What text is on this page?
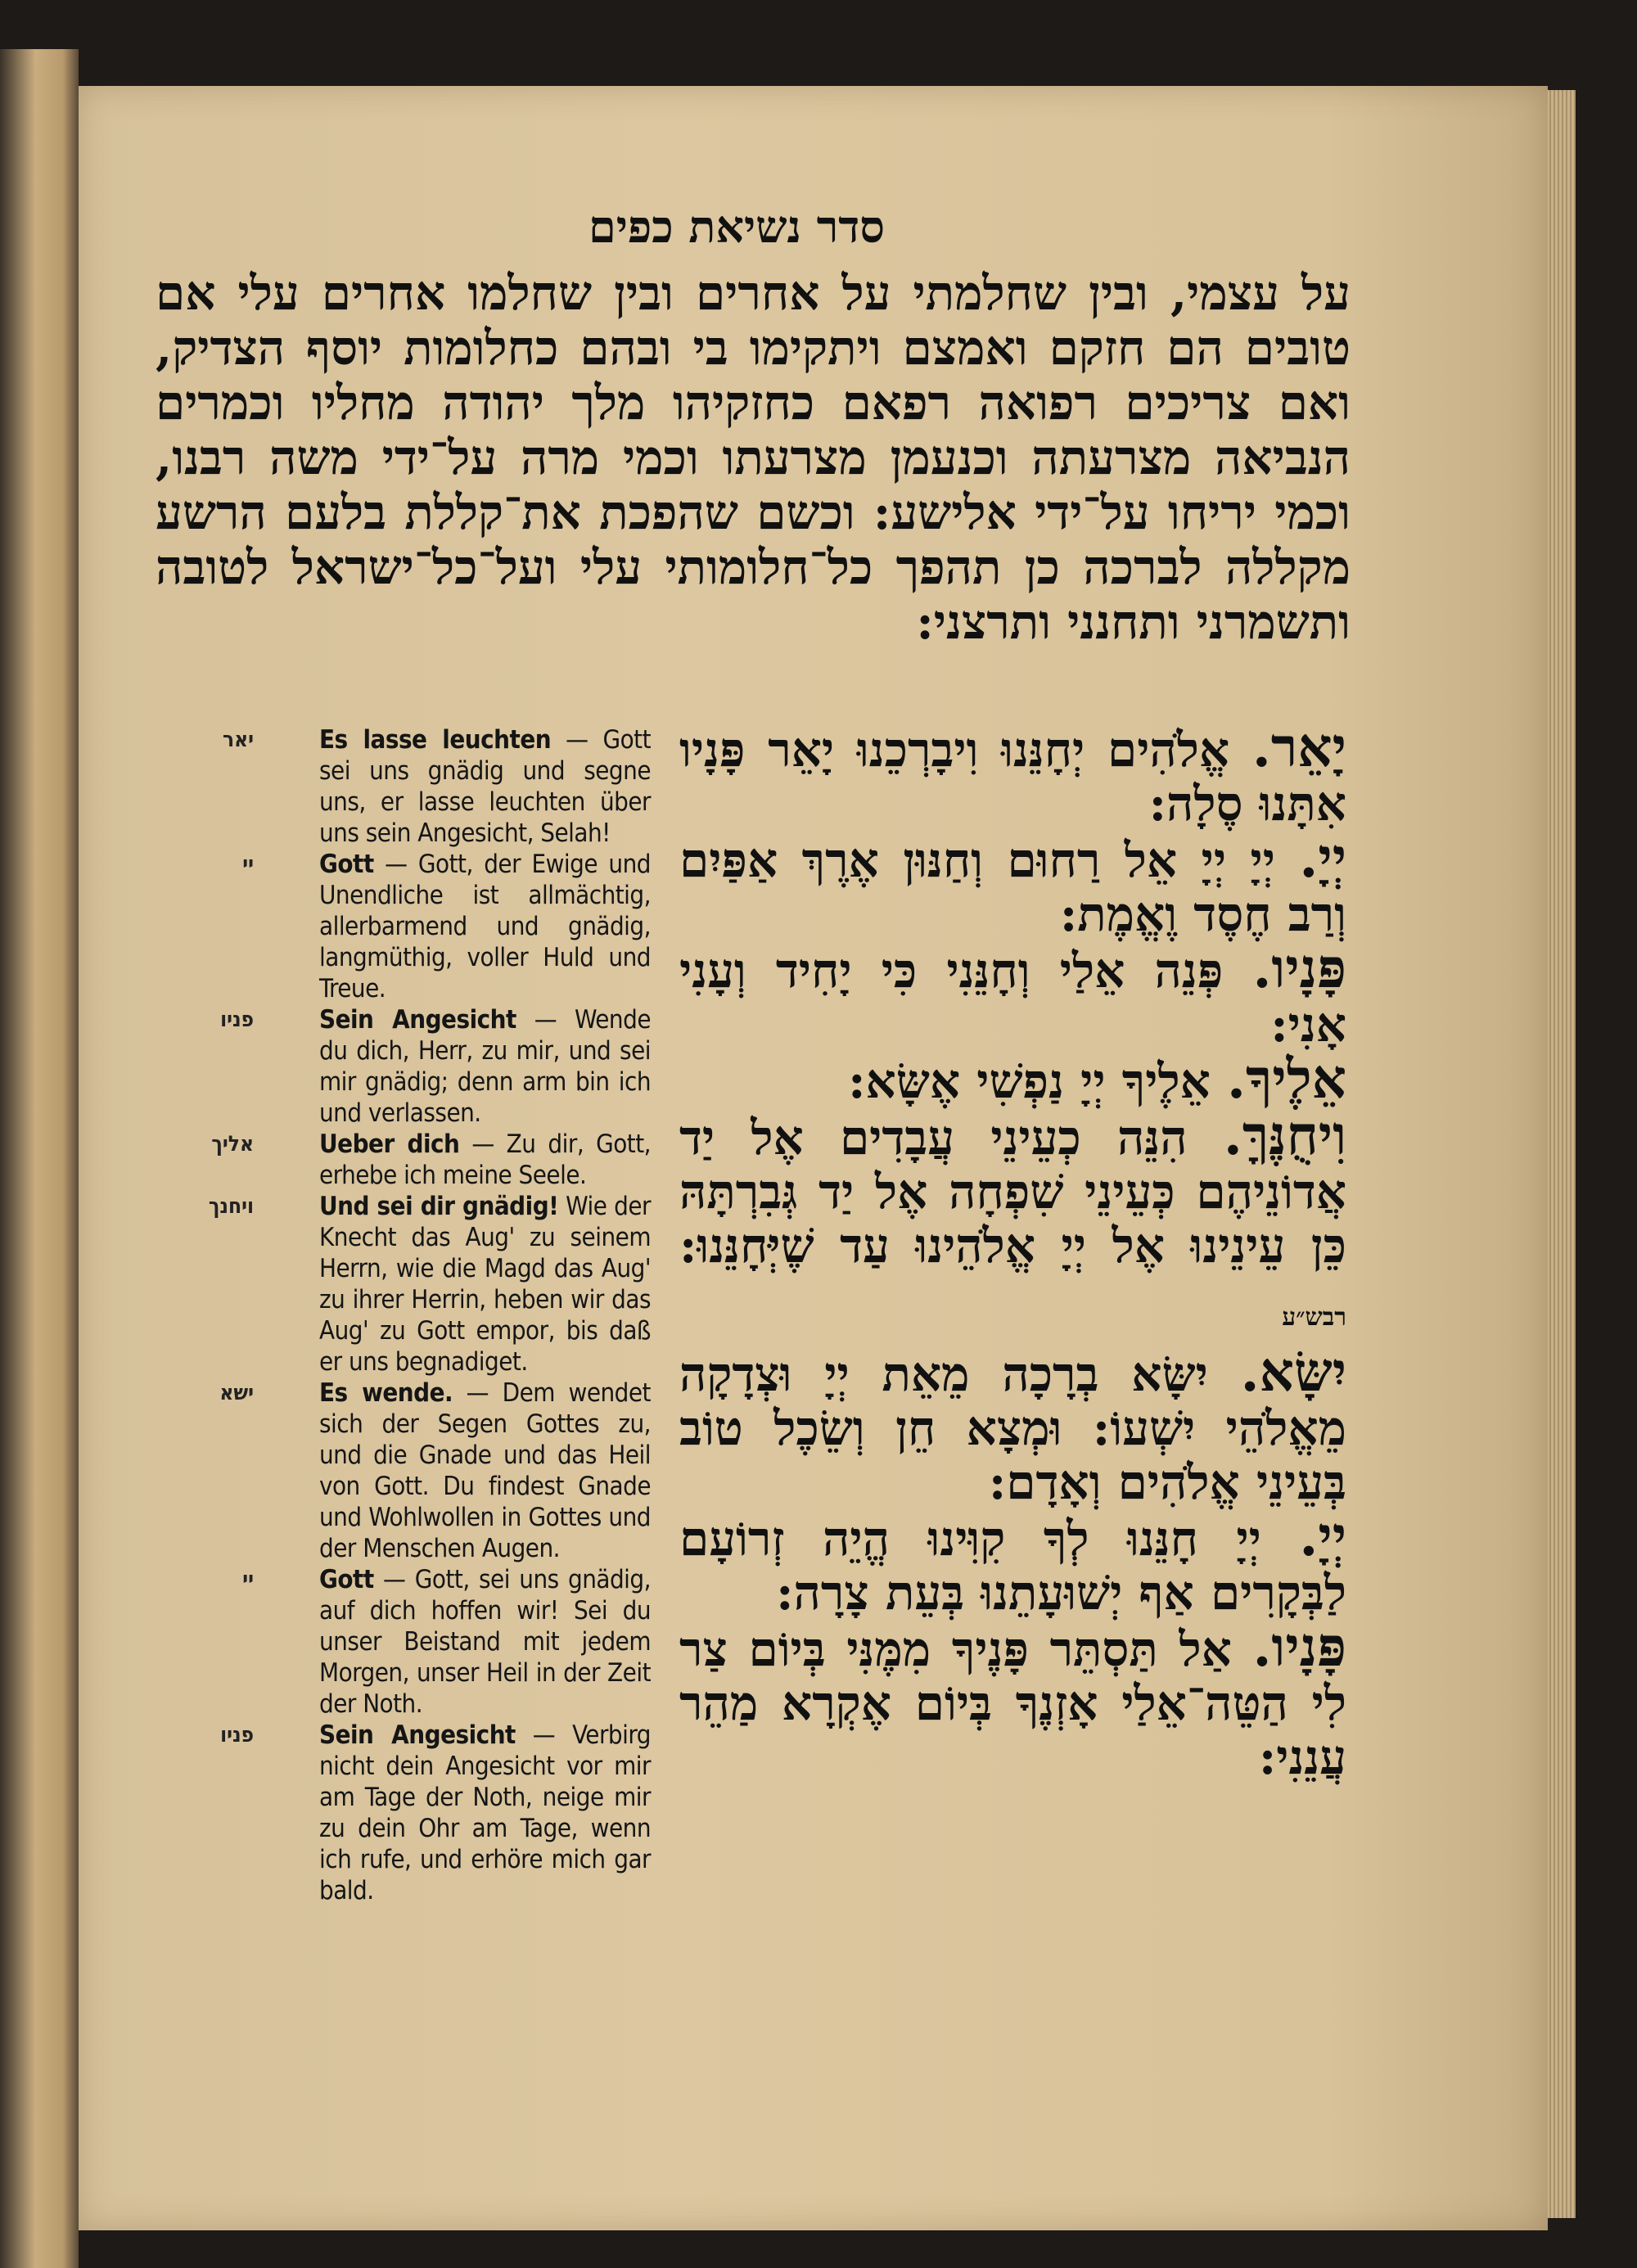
סדר נשיאת כפים
על עצמי, ובין שחלמתי על אחרים ובין שחלמו אחרים עלי אם טובים הם חזקם ואמצם ויתקימו בי ובהם כחלומות יוסף הצדיק, ואם צריכים רפואה רפאם כחזקיהו מלך יהודה מחליו וכמרים הנביאה מצרעתה וכנעמן מצרעתו וכמי מרה על־ידי משה רבנו, וכמי יריחו על־ידי אלישע: וכשם שהפכת את־קללת בלעם הרשע מקללה לברכה כן תהפך כל־חלומותי עלי ועל־כל־ישראל לטובה ותשמרני ותחנני ותרצני:
יאר	Es lasse leuchten — Gott sei uns gnädig und segne uns, er lasse leuchten über uns sein Angesicht, Selah!
יי	Gott — Gott, der Ewige und Unendliche ist allmächtig, allerbarmend und gnädig, langmüthig, voller Huld und Treue.
פניו	Sein Angesicht — Wende du dich, Herr, zu mir, und sei mir gnädig; denn arm bin ich und verlassen.
אליך	Ueber dich — Zu dir, Gott, erhebe ich meine Seele.
ויחנך	Und sei dir gnädig! Wie der Knecht das Aug' zu seinem Herrn, wie die Magd das Aug' zu ihrer Herrin, heben wir das Aug' zu Gott empor, bis daß er uns begnadiget.
ישא	Es wende. — Dem wendet sich der Segen Gottes zu, und die Gnade und das Heil von Gott. Du findest Gnade und Wohlwollen in Gottes und der Menschen Augen.
יי	Gott — Gott, sei uns gnädig, auf dich hoffen wir! Sei du unser Beistand mit jedem Morgen, unser Heil in der Zeit der Noth.
פניו	Sein Angesicht — Verbirg nicht dein Angesicht vor mir am Tage der Noth, neige mir zu dein Ohr am Tage, wenn ich rufe, und erhöre mich gar bald.
יָאֵר. אֱלֹהִים יְחָנֵּנוּ וִיבָרְכֵנוּ יָאֵר פָּנָיו אִתָּנוּ סֶלָה:
יְיָ. יְיָ יְיָ אֵל רַחוּם וְחַנּוּן אֶרֶךְ אַפַּיִם וְרַב חֶסֶד וֶאֱמֶת:
פָּנָיו. פְּנֵה אֵלַי וְחָנֵּנִי כִּי יָחִיד וְעָנִי אָנִי:
אֵלֶיךָ. אֵלֶיךָ יְיָ נַפְשִׁי אֶשָּׂא:
וִיחֻנֶּךָּ. הִנֵּה כְעֵינֵי עֲבָדִים אֶל יַד אֲדוֹנֵיהֶם כְּעֵינֵי שִׁפְחָה אֶל יַד גְּבִרְתָּהּ כֵּן עֵינֵינוּ אֶל יְיָ אֱלֹהֵינוּ עַד שֶׁיְּחָנֵּנוּ: רבש״ע
יִשָּׂא. יִשָּׂא בְרָכָה מֵאֵת יְיָ וּצְדָקָה מֵאֱלֹהֵי יִשְׁעוֹ: וּמְצָא חֵן וְשֵׂכֶל טוֹב בְּעֵינֵי אֱלֹהִים וְאָדָם:
יְיָ. יְיָ חָנֵּנוּ לְךָ קִוִּינוּ הֱיֵה זְרוֹעָם לַבְּקָרִים אַף יְשׁוּעָתֵנוּ בְּעֵת צָרָה:
פָּנָיו. אַל תַּסְתֵּר פָּנֶיךָ מִמֶּנִּי בְּיוֹם צַר לִי הַטֵּה־אֵלַי אָזְנֶךָ בְּיוֹם אֶקְרָא מַהֵר עֲנֵנִי:
